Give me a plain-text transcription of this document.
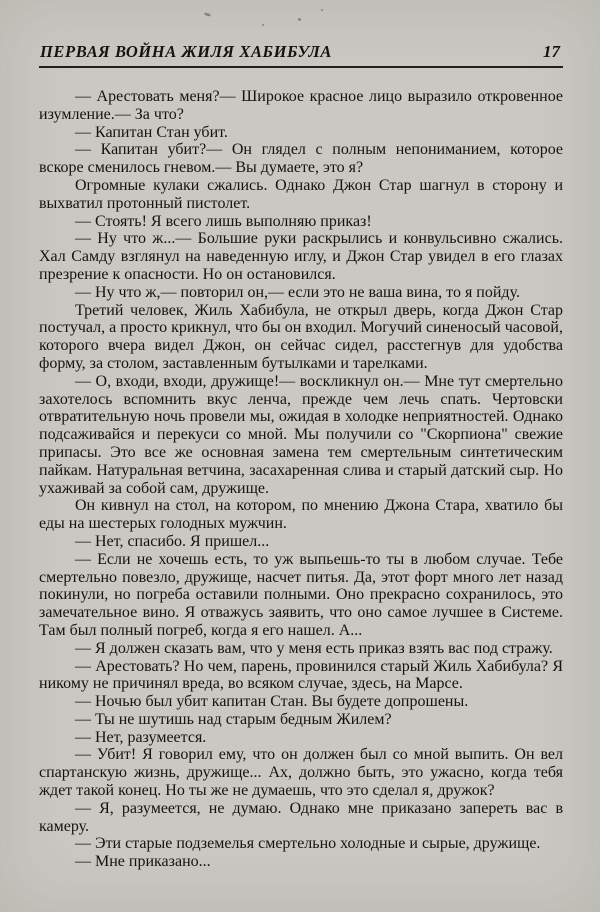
ПЕРВАЯ ВОЙНА ЖИЛЯ ХАБИБУЛА	17

— Арестовать меня?— Широкое красное лицо выразило откровенное изумление.— За что?

— Капитан Стан убит.

— Капитан убит?— Он глядел с полным непониманием, которое вскоре сменилось гневом.— Вы думаете, это я?

Огромные кулаки сжались. Однако Джон Стар шагнул в сторону и выхватил протонный пистолет.

— Стоять! Я всего лишь выполняю приказ!

— Ну что ж...— Большие руки раскрылись и конвульсивно сжались. Хал Самду взглянул на наведенную иглу, и Джон Стар увидел в его глазах презрение к опасности. Но он остановился.

— Ну что ж,— повторил он,— если это не ваша вина, то я пойду.

Третий человек, Жиль Хабибула, не открыл дверь, когда Джон Стар постучал, а просто крикнул, что бы он входил. Могучий синеносый часовой, которого вчера видел Джон, он сейчас сидел, расстегнув для удобства форму, за столом, заставленным бутылками и тарелками.

— О, входи, входи, дружище!— воскликнул он.— Мне тут смертельно захотелось вспомнить вкус ленча, прежде чем лечь спать. Чертовски отвратительную ночь провели мы, ожидая в холодке неприятностей. Однако подсаживайся и перекуси со мной. Мы получили со "Скорпиона" свежие припасы. Это все же основная замена тем смертельным синтетическим пайкам. Натуральная ветчина, засахаренная слива и старый датский сыр. Но ухаживай за собой сам, дружище.

Он кивнул на стол, на котором, по мнению Джона Стара, хватило бы еды на шестерых голодных мужчин.

— Нет, спасибо. Я пришел...

— Если не хочешь есть, то уж выпьешь-то ты в любом случае. Тебе смертельно повезло, дружище, насчет питья. Да, этот форт много лет назад покинули, но погреба оставили полными. Оно прекрасно сохранилось, это замечательное вино. Я отважусь заявить, что оно самое лучшее в Системе. Там был полный погреб, когда я его нашел. А...

— Я должен сказать вам, что у меня есть приказ взять вас под стражу.

— Арестовать? Но чем, парень, провинился старый Жиль Хабибула? Я никому не причинял вреда, во всяком случае, здесь, на Марсе.

— Ночью был убит капитан Стан. Вы будете допрошены.

— Ты не шутишь над старым бедным Жилем?

— Нет, разумеется.

— Убит! Я говорил ему, что он должен был со мной выпить. Он вел спартанскую жизнь, дружище... Ах, должно быть, это ужасно, когда тебя ждет такой конец. Но ты же не думаешь, что это сделал я, дружок?

— Я, разумеется, не думаю. Однако мне приказано запереть вас в камеру.

— Эти старые подземелья смертельно холодные и сырые, дружище.

— Мне приказано...
